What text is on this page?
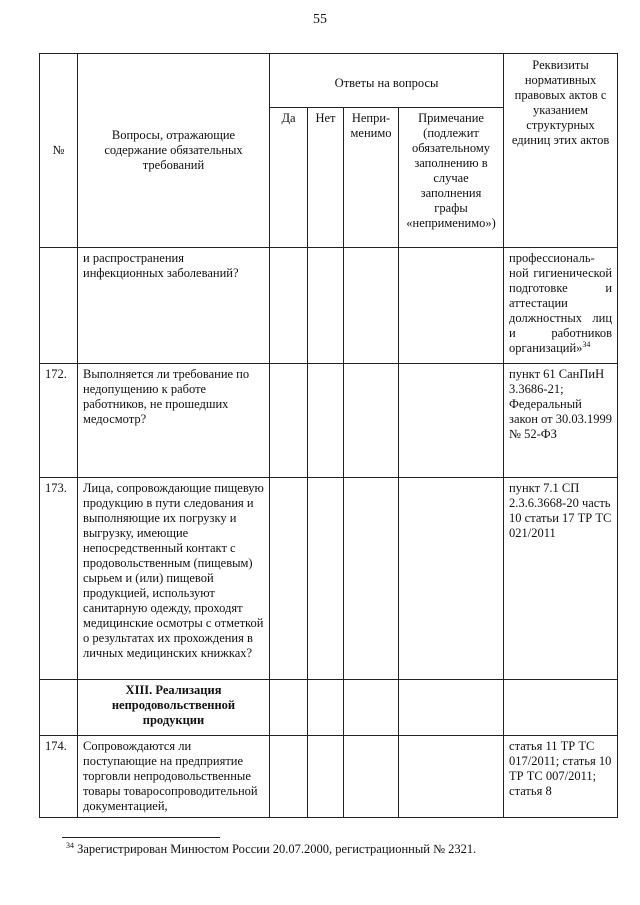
55
№	Вопросы, отражающие содержание обязательных требований	Ответы на вопросы				Реквизиты нормативных правовых актов с указанием структурных единиц этих актов
		Да	Нет	Непри-менимо	Примечание (подлежит обязательному заполнению в случае заполнения графы «неприменимо»)	
	и распространения инфекционных заболеваний?					профессиональ-ной гигиенической подготовке и аттестации должностных лиц и работников организаций»$^{34}$
172.	Выполняется ли требование по недопущению к работе работников, не прошедших медосмотр?					пункт 61 СанПиН 3.3686-21; Федеральный закон от 30.03.1999 № 52-ФЗ
173.	Лица, сопровождающие пищевую продукцию в пути следования и выполняющие их погрузку и выгрузку, имеющие непосредственный контакт с продовольственным (пищевым) сырьем и (или) пищевой продукцией, используют санитарную одежду, проходят медицинские осмотры с отметкой о результатах их прохождения в личных медицинских книжках?					пункт 7.1 СП 2.3.6.3668-20 часть 10 статьи 17 ТР ТС 021/2011
	XIII. Реализация непродовольственной продукции					
174.	Сопровождаются ли поступающие на предприятие торговли непродовольственные товары товаросопроводительной документацией,					статья 11 ТР ТС 017/2011; статья 10 ТР ТС 007/2011; статья 8
$^{34}$ Зарегистрирован Минюстом России 20.07.2000, регистрационный № 2321.
